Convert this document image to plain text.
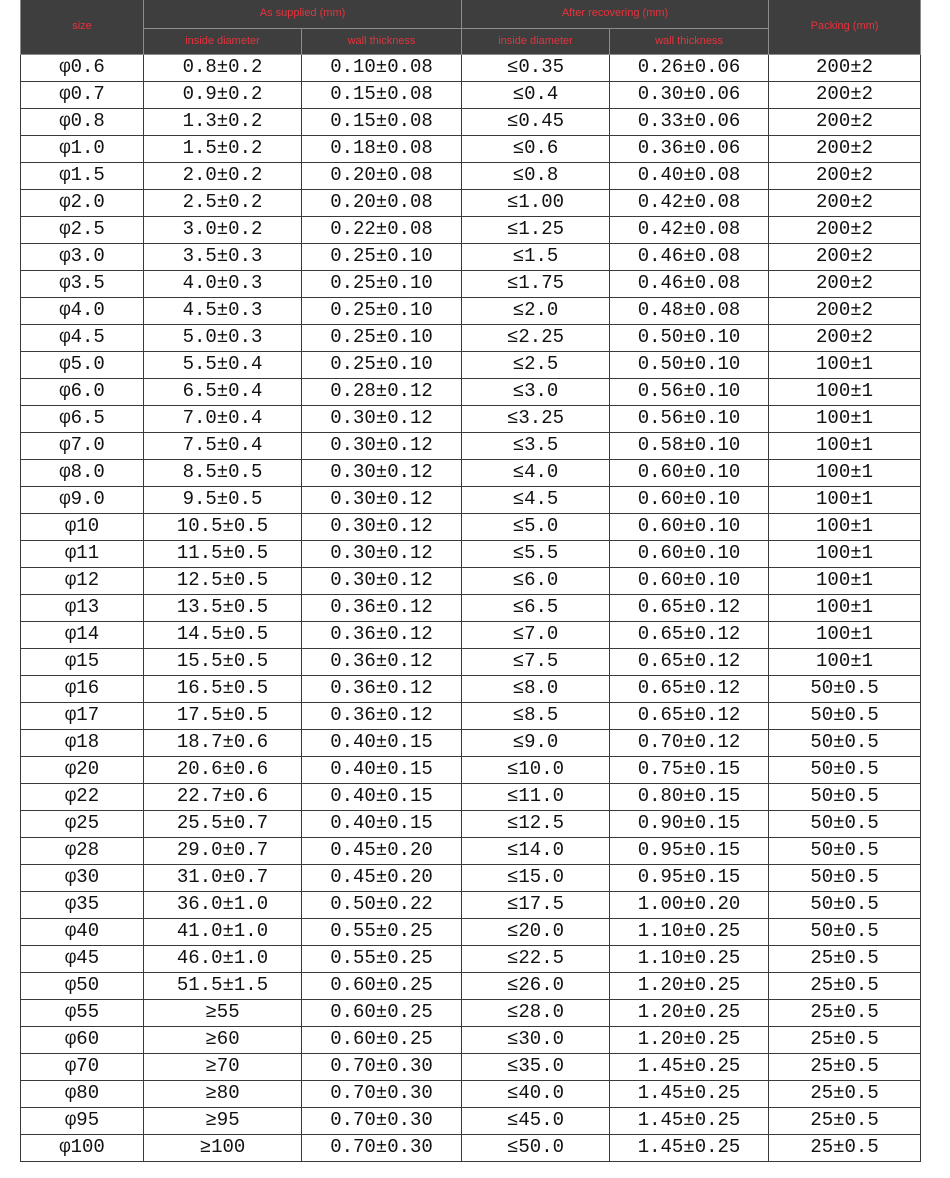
size	As supplied (mm)		After recovering (mm)		Packing (mm)
	inside diameter	wall thickness	inside diameter	wall thickness	
φ0.6	0.8±0.2	0.10±0.08	≤0.35	0.26±0.06	200±2
φ0.7	0.9±0.2	0.15±0.08	≤0.4	0.30±0.06	200±2
φ0.8	1.3±0.2	0.15±0.08	≤0.45	0.33±0.06	200±2
φ1.0	1.5±0.2	0.18±0.08	≤0.6	0.36±0.06	200±2
φ1.5	2.0±0.2	0.20±0.08	≤0.8	0.40±0.08	200±2
φ2.0	2.5±0.2	0.20±0.08	≤1.00	0.42±0.08	200±2
φ2.5	3.0±0.2	0.22±0.08	≤1.25	0.42±0.08	200±2
φ3.0	3.5±0.3	0.25±0.10	≤1.5	0.46±0.08	200±2
φ3.5	4.0±0.3	0.25±0.10	≤1.75	0.46±0.08	200±2
φ4.0	4.5±0.3	0.25±0.10	≤2.0	0.48±0.08	200±2
φ4.5	5.0±0.3	0.25±0.10	≤2.25	0.50±0.10	200±2
φ5.0	5.5±0.4	0.25±0.10	≤2.5	0.50±0.10	100±1
φ6.0	6.5±0.4	0.28±0.12	≤3.0	0.56±0.10	100±1
φ6.5	7.0±0.4	0.30±0.12	≤3.25	0.56±0.10	100±1
φ7.0	7.5±0.4	0.30±0.12	≤3.5	0.58±0.10	100±1
φ8.0	8.5±0.5	0.30±0.12	≤4.0	0.60±0.10	100±1
φ9.0	9.5±0.5	0.30±0.12	≤4.5	0.60±0.10	100±1
φ10	10.5±0.5	0.30±0.12	≤5.0	0.60±0.10	100±1
φ11	11.5±0.5	0.30±0.12	≤5.5	0.60±0.10	100±1
φ12	12.5±0.5	0.30±0.12	≤6.0	0.60±0.10	100±1
φ13	13.5±0.5	0.36±0.12	≤6.5	0.65±0.12	100±1
φ14	14.5±0.5	0.36±0.12	≤7.0	0.65±0.12	100±1
φ15	15.5±0.5	0.36±0.12	≤7.5	0.65±0.12	100±1
φ16	16.5±0.5	0.36±0.12	≤8.0	0.65±0.12	50±0.5
φ17	17.5±0.5	0.36±0.12	≤8.5	0.65±0.12	50±0.5
φ18	18.7±0.6	0.40±0.15	≤9.0	0.70±0.12	50±0.5
φ20	20.6±0.6	0.40±0.15	≤10.0	0.75±0.15	50±0.5
φ22	22.7±0.6	0.40±0.15	≤11.0	0.80±0.15	50±0.5
φ25	25.5±0.7	0.40±0.15	≤12.5	0.90±0.15	50±0.5
φ28	29.0±0.7	0.45±0.20	≤14.0	0.95±0.15	50±0.5
φ30	31.0±0.7	0.45±0.20	≤15.0	0.95±0.15	50±0.5
φ35	36.0±1.0	0.50±0.22	≤17.5	1.00±0.20	50±0.5
φ40	41.0±1.0	0.55±0.25	≤20.0	1.10±0.25	50±0.5
φ45	46.0±1.0	0.55±0.25	≤22.5	1.10±0.25	25±0.5
φ50	51.5±1.5	0.60±0.25	≤26.0	1.20±0.25	25±0.5
φ55	≥55	0.60±0.25	≤28.0	1.20±0.25	25±0.5
φ60	≥60	0.60±0.25	≤30.0	1.20±0.25	25±0.5
φ70	≥70	0.70±0.30	≤35.0	1.45±0.25	25±0.5
φ80	≥80	0.70±0.30	≤40.0	1.45±0.25	25±0.5
φ95	≥95	0.70±0.30	≤45.0	1.45±0.25	25±0.5
φ100	≥100	0.70±0.30	≤50.0	1.45±0.25	25±0.5
